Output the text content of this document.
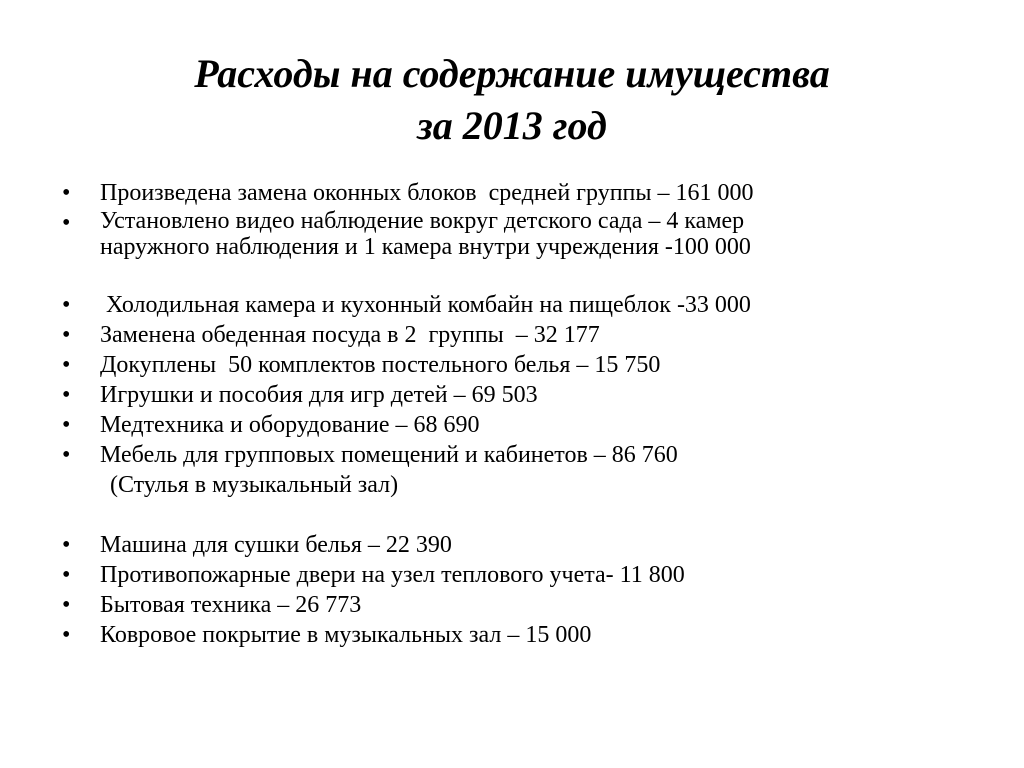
Расходы на содержание имущества
за 2013 год
•	Произведена замена оконных блоков  средней группы – 161 000
•	Установлено видео наблюдение вокруг детского сада – 4 камер
наружного наблюдения и 1 камера внутри учреждения -100 000
•	Холодильная камера и кухонный комбайн на пищеблок -33 000
•	Заменена обеденная посуда в 2  группы  – 32 177
•	Докуплены  50 комплектов постельного белья – 15 750
•	Игрушки и пособия для игр детей – 69 503
•	Медтехника и оборудование – 68 690
•	Мебель для групповых помещений и кабинетов – 86 760
(Стулья в музыкальный зал)
•	Машина для сушки белья – 22 390
•	Противопожарные двери на узел теплового учета- 11 800
•	Бытовая техника – 26 773
•	Ковровое покрытие в музыкальных зал – 15 000
